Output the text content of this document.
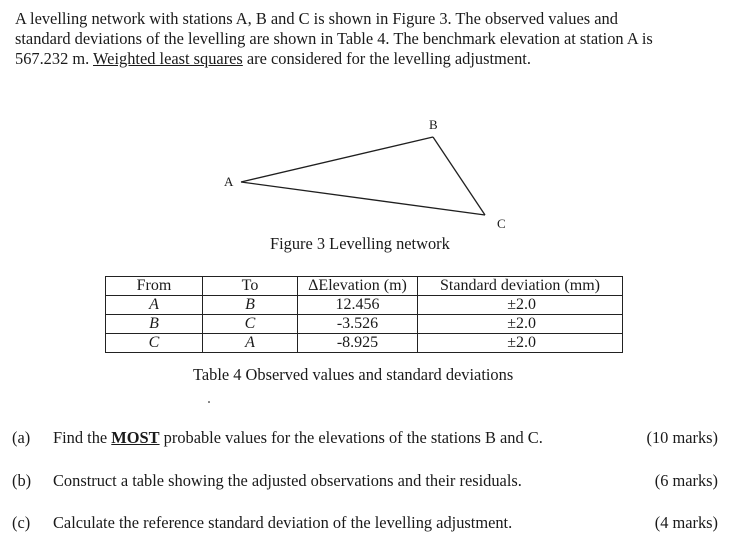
A levelling network with stations A, B and C is shown in Figure 3. The observed values and
standard deviations of the levelling are shown in Table 4. The benchmark elevation at station A is
567.232 m. Weighted least squares are considered for the levelling adjustment.
A
B
C
Figure 3 Levelling network
From	To	ΔElevation (m)	Standard deviation (mm)
A	B	12.456	±2.0
B	C	-3.526	±2.0
C	A	-8.925	±2.0
Table 4 Observed values and standard deviations
(a) Find the MOST probable values for the elevations of the stations B and C.	(10 marks)
(b) Construct a table showing the adjusted observations and their residuals.	(6 marks)
(c) Calculate the reference standard deviation of the levelling adjustment.	(4 marks)
